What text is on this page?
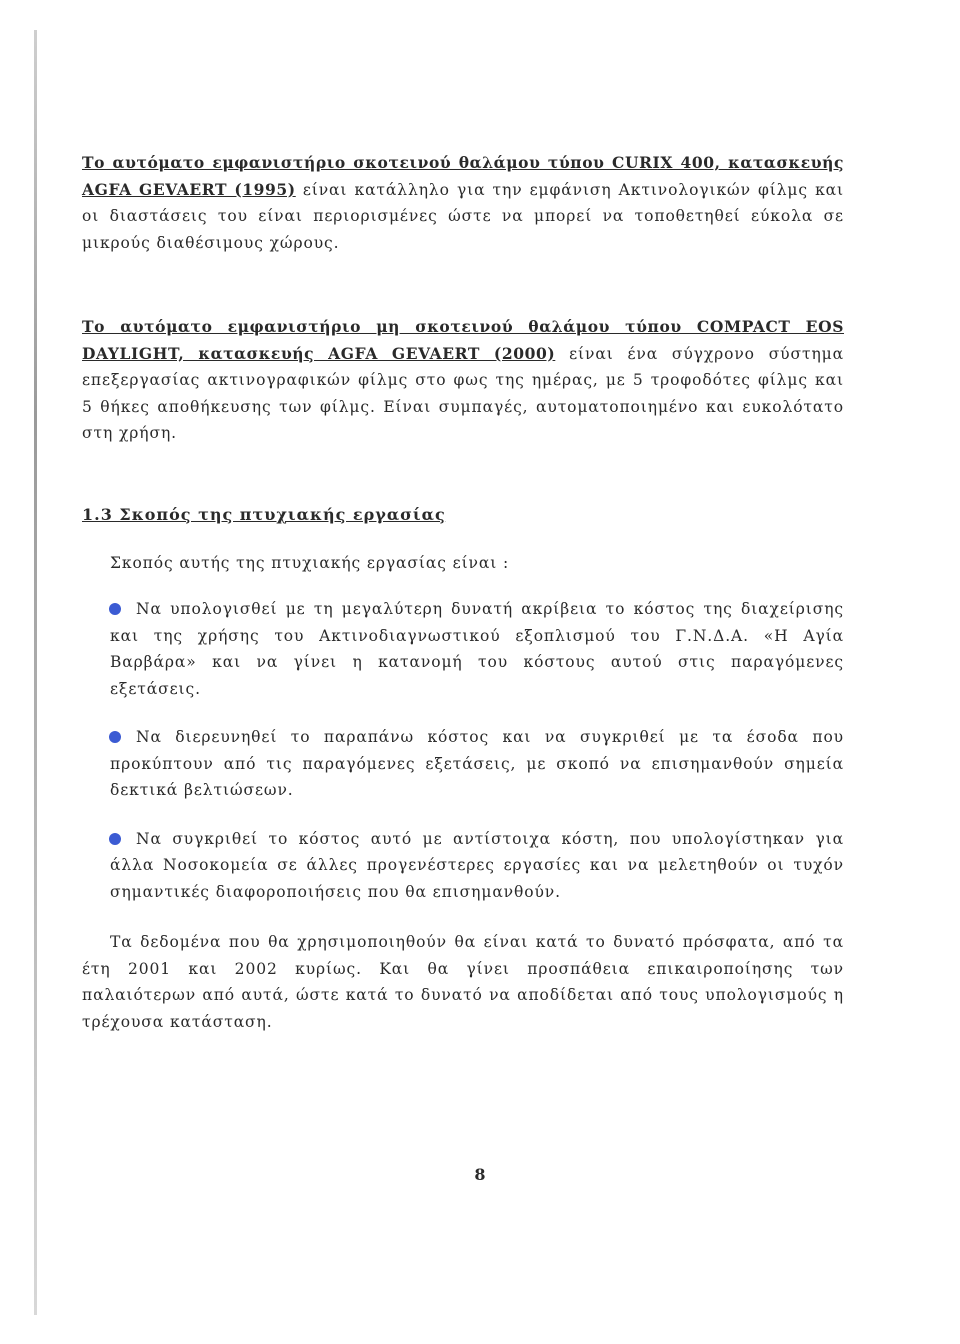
Το αυτόματο εμφανιστήριο σκοτεινού θαλάμου τύπου CURIX 400, κατασκευής AGFA GEVAERT (1995) είναι κατάλληλο για την εμφάνιση Ακτινολογικών φίλμς και οι διαστάσεις του είναι περιορισμένες ώστε να μπορεί να τοποθετηθεί εύκολα σε μικρούς διαθέσιμους χώρους.

Το αυτόματο εμφανιστήριο μη σκοτεινού θαλάμου τύπου COMPACT EOS DAYLIGHT, κατασκευής AGFA GEVAERT (2000) είναι ένα σύγχρονο σύστημα επεξεργασίας ακτινογραφικών φίλμς στο φως της ημέρας, με 5 τροφοδότες φίλμς και 5 θήκες αποθήκευσης των φίλμς. Είναι συμπαγές, αυτοματοποιημένο και ευκολότατο στη χρήση.

1.3 Σκοπός της πτυχιακής εργασίας

Σκοπός αυτής της πτυχιακής εργασίας είναι :

Να υπολογισθεί με τη μεγαλύτερη δυνατή ακρίβεια το κόστος της διαχείρισης και της χρήσης του Ακτινοδιαγνωστικού εξοπλισμού του Γ.Ν.Δ.Α. «Η Αγία Βαρβάρα» και να γίνει η κατανομή του κόστους αυτού στις παραγόμενες εξετάσεις.

Να διερευνηθεί το παραπάνω κόστος και να συγκριθεί με τα έσοδα που προκύπτουν από τις παραγόμενες εξετάσεις, με σκοπό να επισημανθούν σημεία δεκτικά βελτιώσεων.

Να συγκριθεί το κόστος αυτό με αντίστοιχα κόστη, που υπολογίστηκαν για άλλα Νοσοκομεία σε άλλες προγενέστερες εργασίες και να μελετηθούν οι τυχόν σημαντικές διαφοροποιήσεις που θα επισημανθούν.

Τα δεδομένα που θα χρησιμοποιηθούν θα είναι κατά το δυνατό πρόσφατα, από τα έτη 2001 και 2002 κυρίως. Και θα γίνει προσπάθεια επικαιροποίησης των παλαιότερων από αυτά, ώστε κατά το δυνατό να αποδίδεται από τους υπολογισμούς η τρέχουσα κατάσταση.

8
